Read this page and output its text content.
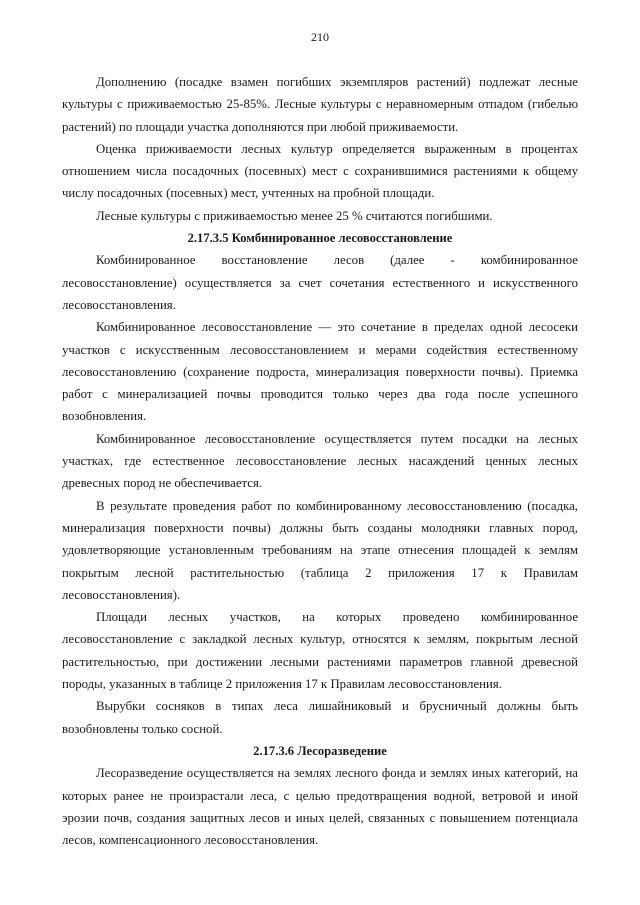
210

Дополнению (посадке взамен погибших экземпляров растений) подлежат лесные культуры с приживаемостью 25-85%. Лесные культуры с неравномерным отпадом (гибелью растений) по площади участка дополняются при любой приживаемости.

Оценка приживаемости лесных культур определяется выраженным в процентах отношением числа посадочных (посевных) мест с сохранившимися растениями к общему числу посадочных (посевных) мест, учтенных на пробной площади.

Лесные культуры с приживаемостью менее 25 % считаются погибшими.

2.17.3.5 Комбинированное лесовосстановление

Комбинированное восстановление лесов (далее - комбинированное лесовосстановление) осуществляется за счет сочетания естественного и искусственного лесовосстановления.

Комбинированное лесовосстановление — это сочетание в пределах одной лесосеки участков с искусственным лесовосстановлением и мерами содействия естественному лесовосстановлению (сохранение подроста, минерализация поверхности почвы). Приемка работ с минерализацией почвы проводится только через два года после успешного возобновления.

Комбинированное лесовосстановление осуществляется путем посадки на лесных участках, где естественное лесовосстановление лесных насаждений ценных лесных древесных пород не обеспечивается.

В результате проведения работ по комбинированному лесовосстановлению (посадка, минерализация поверхности почвы) должны быть созданы молодняки главных пород, удовлетворяющие установленным требованиям на этапе отнесения площадей к землям покрытым лесной растительностью (таблица 2 приложения 17 к Правилам лесовосстановления).

Площади лесных участков, на которых проведено комбинированное лесовосстановление с закладкой лесных культур, относятся к землям, покрытым лесной растительностью, при достижении лесными растениями параметров главной древесной породы, указанных в таблице 2 приложения 17 к Правилам лесовосстановления.

Вырубки сосняков в типах леса лишайниковый и брусничный должны быть возобновлены только сосной.

2.17.3.6 Лесоразведение

Лесоразведение осуществляется на землях лесного фонда и землях иных категорий, на которых ранее не произрастали леса, с целью предотвращения водной, ветровой и иной эрозии почв, создания защитных лесов и иных целей, связанных с повышением потенциала лесов, компенсационного лесовосстановления.
